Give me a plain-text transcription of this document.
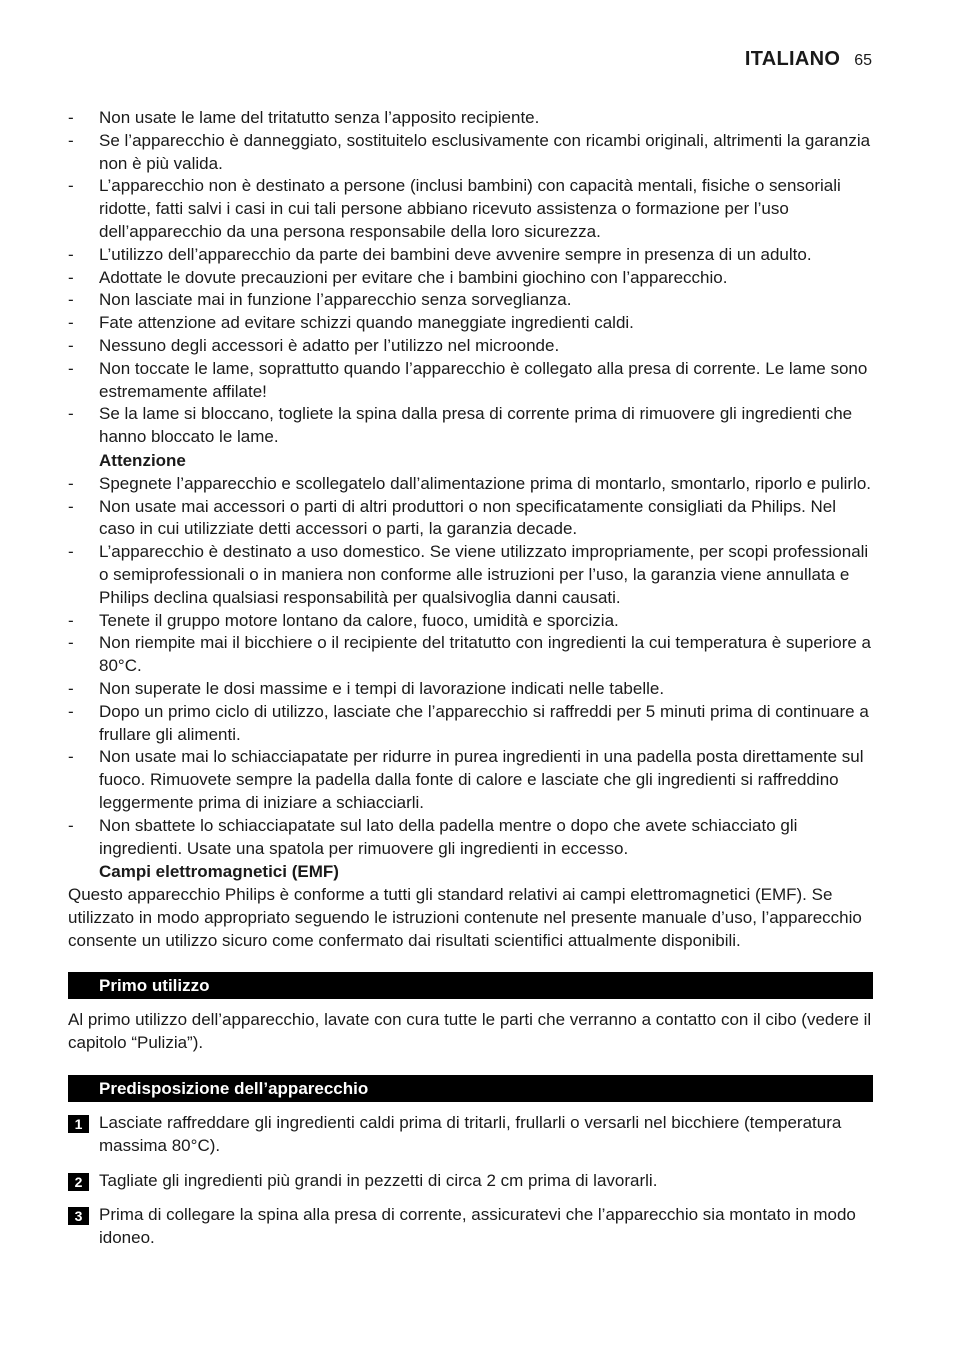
ITALIANO 65
- Non usate le lame del tritatutto senza l’apposito recipiente.
- Se l’apparecchio è danneggiato, sostituitelo esclusivamente con ricambi originali, altrimenti la garanzia non è più valida.
- L’apparecchio non è destinato a persone (inclusi bambini) con capacità mentali, fisiche o sensoriali ridotte, fatti salvi i casi in cui tali persone abbiano ricevuto assistenza o formazione per l’uso dell’apparecchio da una persona responsabile della loro sicurezza.
- L’utilizzo dell’apparecchio da parte dei bambini deve avvenire sempre in presenza di un adulto.
- Adottate le dovute precauzioni per evitare che i bambini giochino con l’apparecchio.
- Non lasciate mai in funzione l’apparecchio senza sorveglianza.
- Fate attenzione ad evitare schizzi quando maneggiate ingredienti caldi.
- Nessuno degli accessori è adatto per l’utilizzo nel microonde.
- Non toccate le lame, soprattutto quando l’apparecchio è collegato alla presa di corrente. Le lame sono estremamente affilate!
- Se la lame si bloccano, togliete la spina dalla presa di corrente prima di rimuovere gli ingredienti che hanno bloccato le lame.
Attenzione
- Spegnete l’apparecchio e scollegatelo dall’alimentazione prima di montarlo, smontarlo, riporlo e pulirlo.
- Non usate mai accessori o parti di altri produttori o non specificatamente consigliati da Philips. Nel caso in cui utilizziate detti accessori o parti, la garanzia decade.
- L’apparecchio è destinato a uso domestico. Se viene utilizzato impropriamente, per scopi professionali o semiprofessionali o in maniera non conforme alle istruzioni per l’uso, la garanzia viene annullata e Philips declina qualsiasi responsabilità per qualsivoglia danni causati.
- Tenete il gruppo motore lontano da calore, fuoco, umidità e sporcizia.
- Non riempite mai il bicchiere o il recipiente del tritatutto con ingredienti la cui temperatura è superiore a 80°C.
- Non superate le dosi massime e i tempi di lavorazione indicati nelle tabelle.
- Dopo un primo ciclo di utilizzo, lasciate che l’apparecchio si raffreddi per 5 minuti prima di continuare a frullare gli alimenti.
- Non usate mai lo schiacciapatate per ridurre in purea ingredienti in una padella posta direttamente sul fuoco. Rimuovete sempre la padella dalla fonte di calore e lasciate che gli ingredienti si raffreddino leggermente prima di iniziare a schiacciarli.
- Non sbattete lo schiacciapatate sul lato della padella mentre o dopo che avete schiacciato gli ingredienti. Usate una spatola per rimuovere gli ingredienti in eccesso.
Campi elettromagnetici (EMF)

Questo apparecchio Philips è conforme a tutti gli standard relativi ai campi elettromagnetici (EMF). Se utilizzato in modo appropriato seguendo le istruzioni contenute nel presente manuale d’uso, l’apparecchio consente un utilizzo sicuro come confermato dai risultati scientifici attualmente disponibili.

Primo utilizzo

Al primo utilizzo dell’apparecchio, lavate con cura tutte le parti che verranno a contatto con il cibo (vedere il capitolo “Pulizia”).

Predisposizione dell’apparecchio
1 Lasciate raffreddare gli ingredienti caldi prima di tritarli, frullarli o versarli nel bicchiere (temperatura massima 80°C).
2 Tagliate gli ingredienti più grandi in pezzetti di circa 2 cm prima di lavorarli.
3 Prima di collegare la spina alla presa di corrente, assicuratevi che l’apparecchio sia montato in modo idoneo.
